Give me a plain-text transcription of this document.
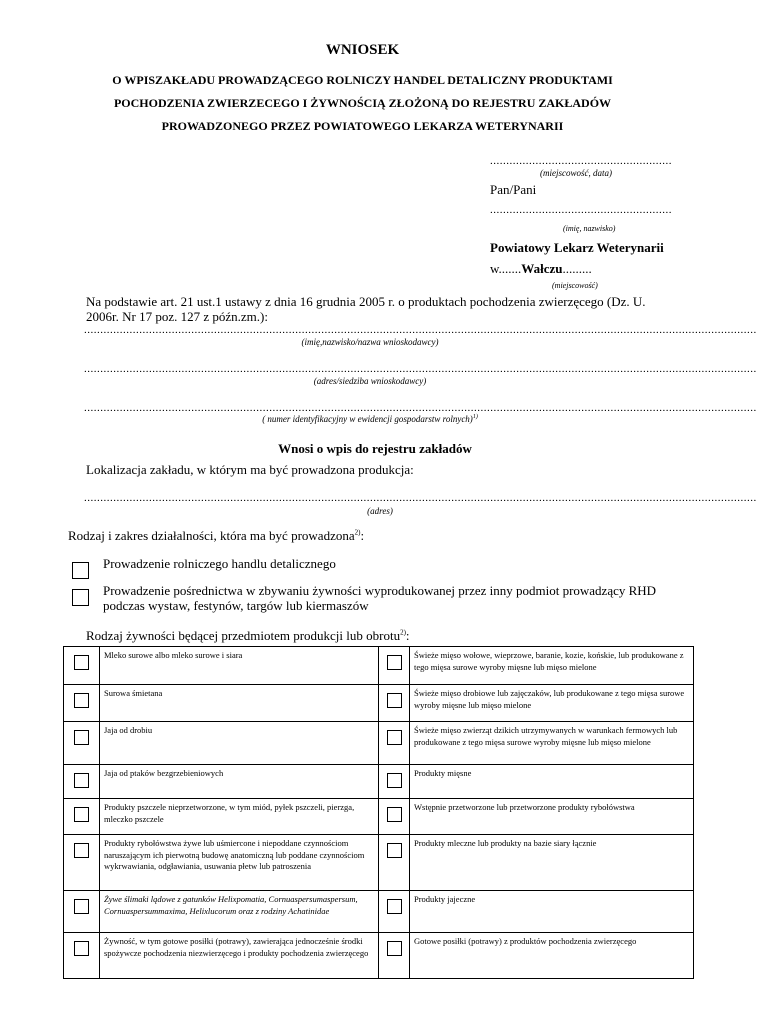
WNIOSEK
O WPISZAKŁADU PROWADZĄCEGO ROLNICZY HANDEL DETALICZNY PRODUKTAMI
POCHODZENIA ZWIERZECEGO I ŻYWNOŚCIĄ ZŁOŻONĄ DO REJESTRU ZAKŁADÓW
PROWADZONEGO PRZEZ POWIATOWEGO LEKARZA WETERYNARII
........................................................
(miejscowość, data)
Pan/Pani
........................................................
(imię, nazwisko)
Powiatowy Lekarz Weterynarii
w.......Wałczu.........
(miejscowość)
Na podstawie art. 21 ust.1 ustawy z dnia 16 grudnia 2005 r. o produktach pochodzenia zwierzęcego (Dz. U. 2006r. Nr 17 poz. 127 z późn.zm.):
...............................................................................................................................................................................................................
(imię,nazwisko/nazwa wnioskodawcy)
...............................................................................................................................................................................................................
(adres/siedziba wnioskodawcy)
...............................................................................................................................................................................................................
( numer identyfikacyjny w ewidencji gospodarstw rolnych)$^{1)}$
Wnosi o wpis do rejestru zakładów
Lokalizacja zakładu, w którym ma być prowadzona produkcja:
...............................................................................................................................................................................................................
(adres)
Rodzaj i zakres działalności, która ma być prowadzona$^{2)}$:
Prowadzenie rolniczego handlu detalicznego
Prowadzenie pośrednictwa w zbywaniu żywności wyprodukowanej przez inny podmiot prowadzący RHD podczas wystaw, festynów, targów lub kiermaszów
Rodzaj żywności będącej przedmiotem produkcji lub obrotu$^{2)}$:
	Mleko surowe albo mleko surowe i siara		Świeże mięso wołowe, wieprzowe, baranie, kozie, końskie, lub produkowane z tego mięsa surowe wyroby mięsne lub mięso mielone

	Surowa śmietana		Świeże mięso drobiowe lub zajęczaków, lub produkowane z tego mięsa surowe wyroby mięsne lub mięso mielone

	Jaja od drobiu		Świeże mięso zwierząt dzikich utrzymywanych w warunkach fermowych lub produkowane z tego mięsa surowe wyroby mięsne lub mięso mielone

	Jaja od ptaków bezgrzebieniowych		Produkty mięsne

	Produkty pszczele nieprzetworzone, w tym miód, pyłek pszczeli, pierzga, mleczko pszczele		Wstępnie przetworzone lub przetworzone produkty rybołówstwa

	Produkty rybołówstwa żywe lub uśmiercone i niepoddane czynnościom naruszającym ich pierwotną budowę anatomiczną lub poddane czynnościom wykrwawiania, odgławiania, usuwania płetw lub patroszenia		Produkty mleczne lub produkty na bazie siary łącznie

	Żywe ślimaki lądowe z gatunków Helixpomatia, Cornuaspersumaspersum, Cornuaspersummaxima, Helixlucorum oraz z rodziny Achatinidae		Produkty jajeczne

	Żywność, w tym gotowe posiłki (potrawy), zawierająca jednocześnie środki spożywcze pochodzenia niezwierzęcego i produkty pochodzenia zwierzęcego		Gotowe posiłki (potrawy) z produktów pochodzenia zwierzęcego
